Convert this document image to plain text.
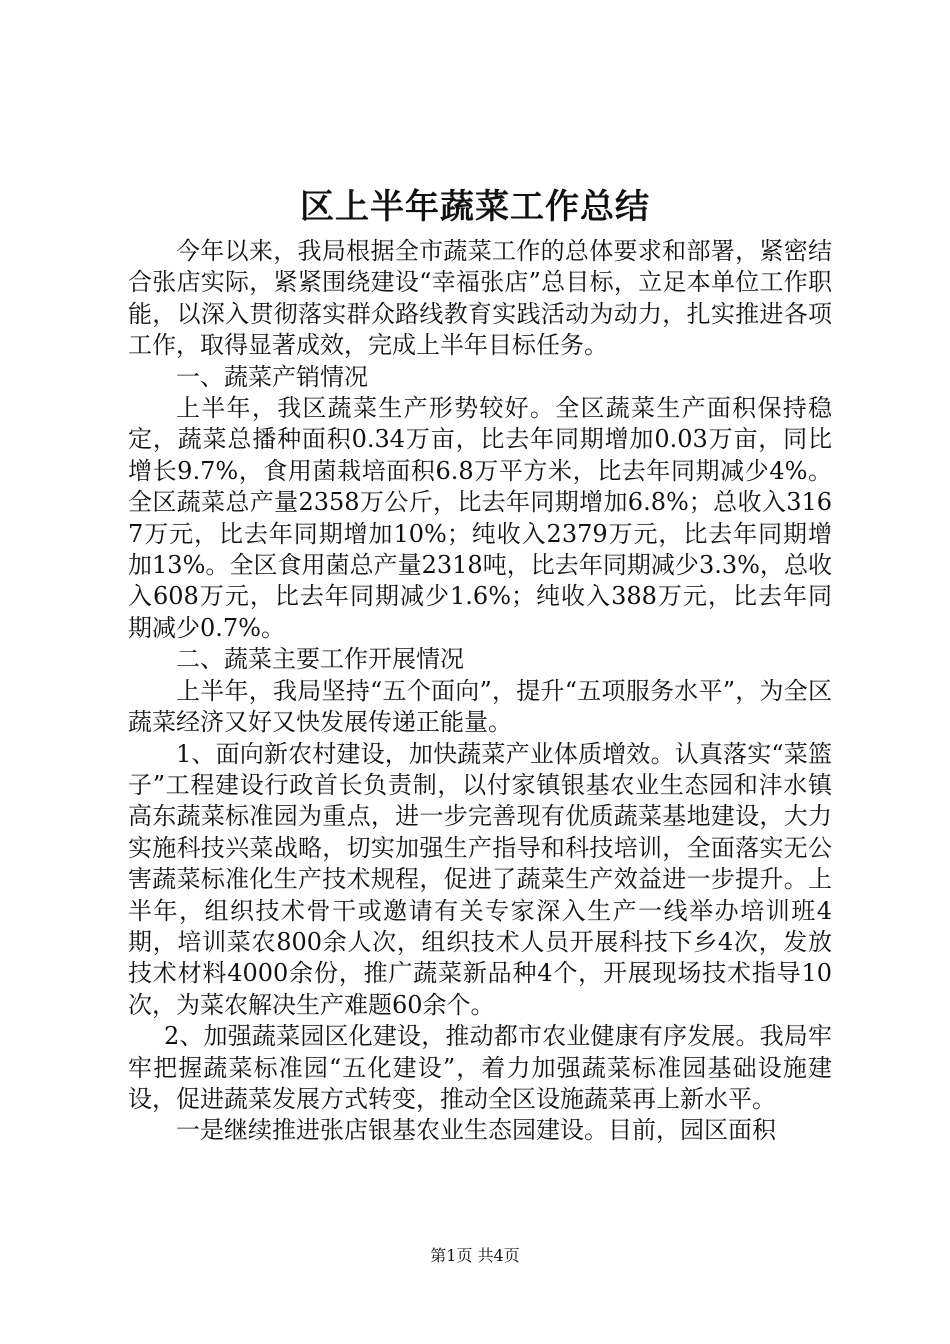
区上半年蔬菜工作总结

今年以来，我局根据全市蔬菜工作的总体要求和部署，紧密结合张店实际，紧紧围绕建设“幸福张店”总目标，立足本单位工作职能，以深入贯彻落实群众路线教育实践活动为动力，扎实推进各项工作，取得显著成效，完成上半年目标任务。

一、蔬菜产销情况

上半年，我区蔬菜生产形势较好。全区蔬菜生产面积保持稳定，蔬菜总播种面积0.34万亩，比去年同期增加0.03万亩，同比增长9.7%，食用菌栽培面积6.8万平方米，比去年同期减少4%。全区蔬菜总产量2358万公斤，比去年同期增加6.8%；总收入3167万元，比去年同期增加10%；纯收入2379万元，比去年同期增加13%。全区食用菌总产量2318吨，比去年同期减少3.3%，总收入608万元，比去年同期减少1.6%；纯收入388万元，比去年同期减少0.7%。

二、蔬菜主要工作开展情况

上半年，我局坚持“五个面向”，提升“五项服务水平”，为全区蔬菜经济又好又快发展传递正能量。

1、面向新农村建设，加快蔬菜产业体质增效。认真落实“菜篮子”工程建设行政首长负责制，以付家镇银基农业生态园和沣水镇高东蔬菜标准园为重点，进一步完善现有优质蔬菜基地建设，大力实施科技兴菜战略，切实加强生产指导和科技培训，全面落实无公害蔬菜标准化生产技术规程，促进了蔬菜生产效益进一步提升。上半年，组织技术骨干或邀请有关专家深入生产一线举办培训班4期，培训菜农800余人次，组织技术人员开展科技下乡4次，发放技术材料4000余份，推广蔬菜新品种4个，开展现场技术指导10次，为菜农解决生产难题60余个。

2、加强蔬菜园区化建设，推动都市农业健康有序发展。我局牢牢把握蔬菜标准园“五化建设”，着力加强蔬菜标准园基础设施建设，促进蔬菜发展方式转变，推动全区设施蔬菜再上新水平。

一是继续推进张店银基农业生态园建设。目前，园区面积

第1页 共4页
